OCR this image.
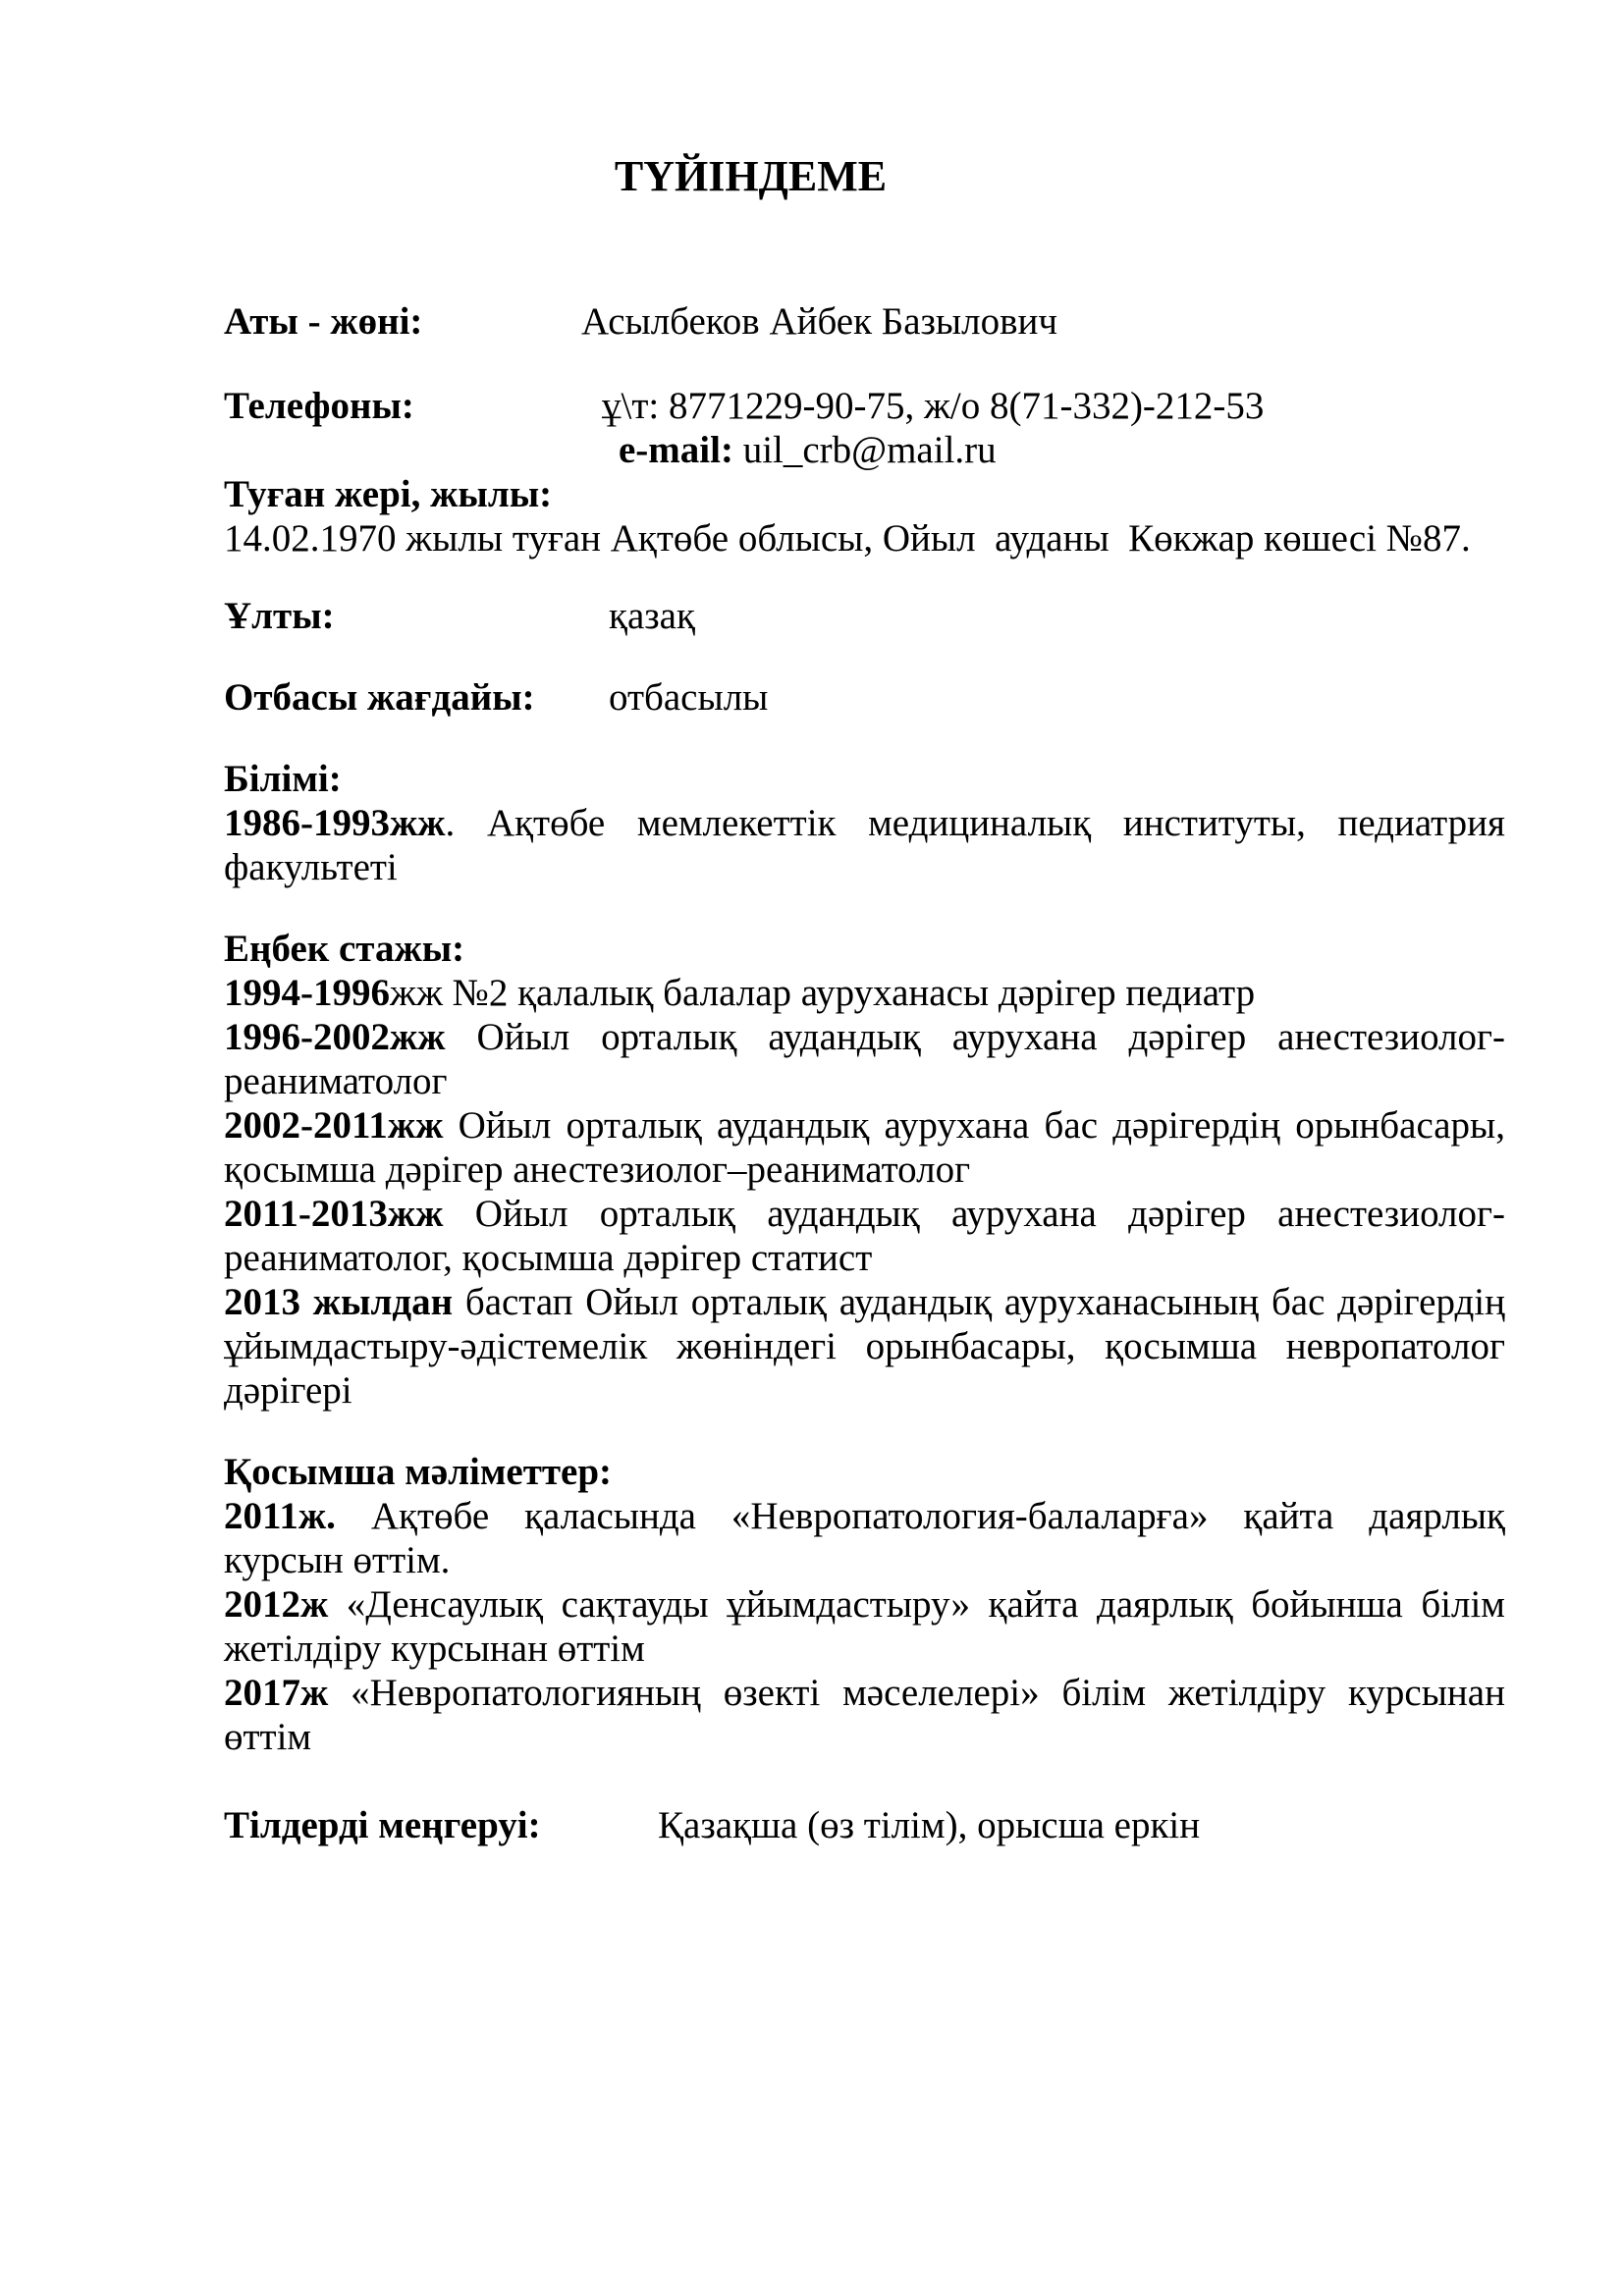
ТҮЙІНДЕМЕ
Аты - жөні:	Асылбеков Айбек Базылович
Телефоны:	ұ\т: 8771229-90-75, ж/о 8(71-332)-212-53
e-mail: uil_crb@mail.ru
Туған жері, жылы:

14.02.1970 жылы туған Ақтөбе облысы, Ойыл  ауданы  Көкжар көшесі №87.

Ұлты:	қазақ
Отбасы жағдайы: отбасылы
Білімі:

1986-1993жж. Ақтөбе мемлекеттік медициналық институты, педиатрия факультеті

Еңбек стажы:

1994-1996жж №2 қалалық балалар ауруханасы дәрігер педиатр

1996-2002жж Ойыл орталық аудандық аурухана дәрігер анестезиолог-реаниматолог

2002-2011жж Ойыл орталық аудандық аурухана бас дәрігердің орынбасары, қосымша дәрігер анестезиолог–реаниматолог

2011-2013жж Ойыл орталық аудандық аурухана дәрігер анестезиолог-реаниматолог, қосымша дәрігер статист

2013 жылдан бастап Ойыл орталық аудандық ауруханасының бас дәрігердің ұйымдастыру-әдістемелік жөніндегі орынбасары, қосымша невропатолог дәрігері

Қосымша мәліметтер:

2011ж. Ақтөбе қаласында «Невропатология-балаларға» қайта даярлық курсын өттім.

2012ж «Денсаулық сақтауды ұйымдастыру» қайта даярлық бойынша білім жетілдіру курсынан өттім

2017ж «Невропатологияның өзекті мәселелері» білім жетілдіру курсынан өттім

Тілдерді меңгеруі:	Қазақша (өз тілім), орысша еркін
